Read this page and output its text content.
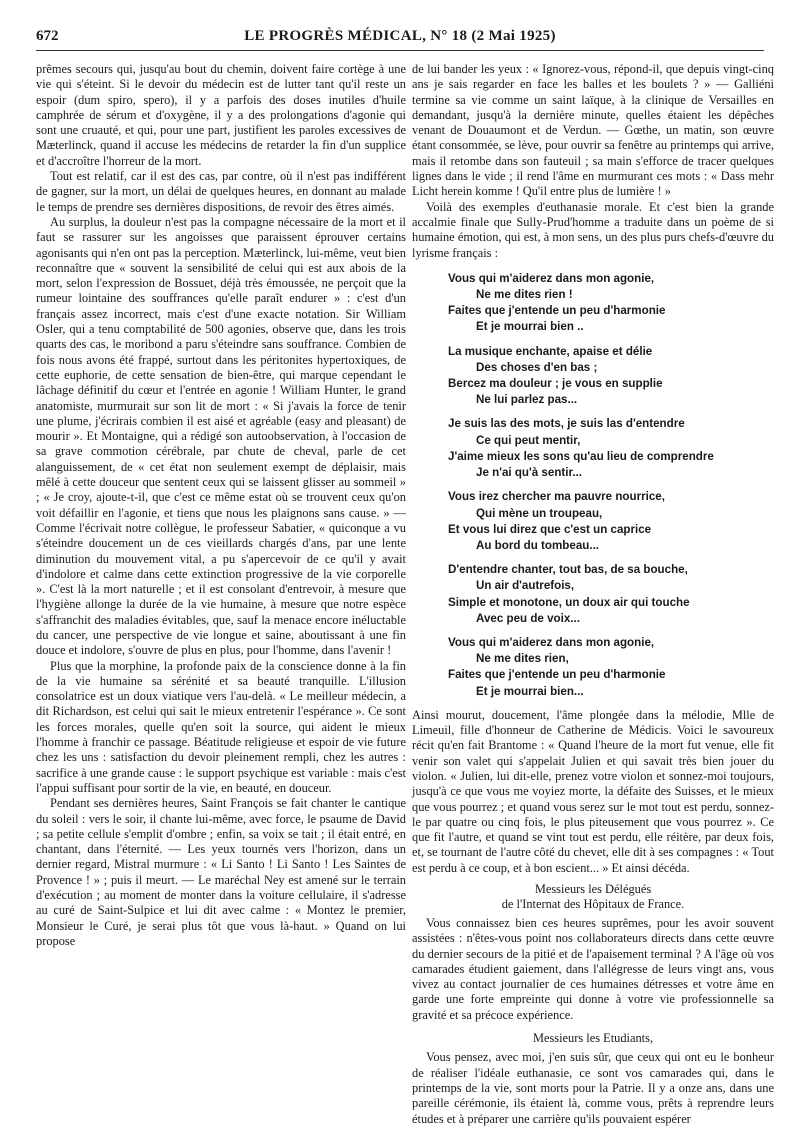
672	LE PROGRÈS MÉDICAL, N° 18 (2 Mai 1925)

prêmes secours qui, jusqu'au bout du chemin, doivent faire cortège à une vie qui s'éteint. Si le devoir du médecin est de lutter tant qu'il reste un espoir (dum spiro, spero), il y a parfois des doses inutiles d'huile camphrée de sérum et d'oxygène, il y a des prolongations d'agonie qui sont une cruauté, et qui, pour une part, justifient les paroles excessives de Mæterlinck, quand il accuse les médecins de retarder la fin d'un supplice et d'accroître l'horreur de la mort.

Tout est relatif, car il est des cas, par contre, où il n'est pas indifférent de gagner, sur la mort, un délai de quelques heures, en donnant au malade le temps de prendre ses dernières dispositions, de revoir des êtres aimés.

Au surplus, la douleur n'est pas la compagne nécessaire de la mort et il faut se rassurer sur les angoisses que paraissent éprouver certains agonisants qui n'en ont pas la perception. Mæterlinck, lui-même, veut bien reconnaître que « souvent la sensibilité de celui qui est aux abois de la mort, selon l'expression de Bossuet, déjà très émoussée, ne perçoit que la rumeur lointaine des souffrances qu'elle paraît endurer » : c'est d'un français assez incorrect, mais c'est d'une exacte notation. Sir William Osler, qui a tenu comptabilité de 500 agonies, observe que, dans les trois quarts des cas, le moribond a paru s'éteindre sans souffrance. Combien de fois nous avons été frappé, surtout dans les péritonites hypertoxiques, de cette euphorie, de cette sensation de bien-être, qui marque cependant le lâchage définitif du cœur et l'entrée en agonie ! William Hunter, le grand anatomiste, murmurait sur son lit de mort : « Si j'avais la force de tenir une plume, j'écrirais combien il est aisé et agréable (easy and pleasant) de mourir ». Et Montaigne, qui a rédigé son autoobservation, à l'occasion de sa grave commotion cérébrale, par chute de cheval, parle de cet alanguissement, de « cet état non seulement exempt de déplaisir, mais mêlé à cette douceur que sentent ceux qui se laissent glisser au sommeil » ; « Je croy, ajoute-t-il, que c'est ce même estat où se trouvent ceux qu'on voit défaillir en l'agonie, et tiens que nous les plaignons sans cause. » — Comme l'écrivait notre collègue, le professeur Sabatier, « quiconque a vu s'éteindre doucement un de ces vieillards chargés d'ans, par une lente diminution du mouvement vital, a pu s'apercevoir de ce qu'il y avait d'indolore et calme dans cette extinction progressive de la vie corporelle ». C'est là la mort naturelle ; et il est consolant d'entrevoir, à mesure que l'hygiène allonge la durée de la vie humaine, à mesure que notre espèce s'affranchit des maladies évitables, que, sauf la menace encore inéluctable du cancer, une perspective de vie longue et saine, aboutissant à une fin douce et indolore, s'ouvre de plus en plus, pour l'homme, dans l'avenir !

Plus que la morphine, la profonde paix de la conscience donne à la fin de la vie humaine sa sérénité et sa beauté tranquille. L'illusion consolatrice est un doux viatique vers l'au-delà. « Le meilleur médecin, a dit Richardson, est celui qui sait le mieux entretenir l'espérance ». Ce sont les forces morales, quelle qu'en soit la source, qui aident le mieux l'homme à franchir ce passage. Béatitude religieuse et espoir de vie future chez les uns : satisfaction du devoir pleinement rempli, chez les autres : sacrifice à une grande cause : le support psychique est variable : mais c'est l'appui suffisant pour sortir de la vie, en beauté, en douceur.

Pendant ses dernières heures, Saint François se fait chanter le cantique du soleil : vers le soir, il chante lui-même, avec force, le psaume de David ; sa petite cellule s'emplit d'ombre ; enfin, sa voix se tait ; il était entré, en chantant, dans l'éternité. — Les yeux tournés vers l'horizon, dans un dernier regard, Mistral murmure : « Li Santo ! Li Santo ! Les Saintes de Provence ! » ; puis il meurt. — Le maréchal Ney est amené sur le terrain d'exécution ; au moment de monter dans la voiture cellulaire, il s'adresse au curé de Saint-Sulpice et lui dit avec calme : « Montez le premier, Monsieur le Curé, je serai plus tôt que vous là-haut. » Quand on lui propose

de lui bander les yeux : « Ignorez-vous, répond-il, que depuis vingt-cinq ans je sais regarder en face les balles et les boulets ? » — Galliéni termine sa vie comme un saint laïque, à la clinique de Versailles en demandant, jusqu'à la dernière minute, quelles étaient les dépêches venant de Douaumont et de Verdun. — Gœthe, un matin, son œuvre étant consommée, se lève, pour ouvrir sa fenêtre au printemps qui arrive, mais il retombe dans son fauteuil ; sa main s'efforce de tracer quelques lignes dans le vide ; il rend l'âme en murmurant ces mots : « Dass mehr Licht herein komme ! Qu'il entre plus de lumière ! »

Voilà des exemples d'euthanasie morale. Et c'est bien la grande accalmie finale que Sully-Prud'homme a traduite dans un poème de si humaine émotion, qui est, à mon sens, un des plus purs chefs-d'œuvre du lyrisme français :

Vous qui m'aiderez dans mon agonie,
Ne me dites rien !
Faites que j'entende un peu d'harmonie
Et je mourrai bien ..
La musique enchante, apaise et délie
Des choses d'en bas ;
Bercez ma douleur ; je vous en supplie
Ne lui parlez pas...
Je suis las des mots, je suis las d'entendre
Ce qui peut mentir,
J'aime mieux les sons qu'au lieu de comprendre
Je n'ai qu'à sentir...
Vous irez chercher ma pauvre nourrice,
Qui mène un troupeau,
Et vous lui direz que c'est un caprice
Au bord du tombeau...
D'entendre chanter, tout bas, de sa bouche,
Un air d'autrefois,
Simple et monotone, un doux air qui touche
Avec peu de voix...
Vous qui m'aiderez dans mon agonie,
Ne me dites rien,
Faites que j'entende un peu d'harmonie
Et je mourrai bien...

Ainsi mourut, doucement, l'âme plongée dans la mélodie, Mlle de Limeuil, fille d'honneur de Catherine de Médicis. Voici le savoureux récit qu'en fait Brantome : « Quand l'heure de la mort fut venue, elle fit venir son valet qui s'appelait Julien et qui savait très bien jouer du violon. « Julien, lui dit-elle, prenez votre violon et sonnez-moi toujours, jusqu'à ce que vous me voyiez morte, la défaite des Suisses, et le mieux que vous pourrez ; et quand vous serez sur le mot tout est perdu, sonnez-le par quatre ou cinq fois, le plus piteusement que vous pourrez ». Ce que fit l'autre, et quand se vint tout est perdu, elle réitère, par deux fois, et, se tournant de l'autre côté du chevet, elle dit à ses compagnes : « Tout est perdu à ce coup, et à bon escient... » Et ainsi décéda.

Messieurs les Délégués
de l'Internat des Hôpitaux de France.

Vous connaissez bien ces heures suprêmes, pour les avoir souvent assistées : n'êtes-vous point nos collaborateurs directs dans cette œuvre du dernier secours de la pitié et de l'apaisement terminal ? A l'âge où vos camarades étudient gaiement, dans l'allégresse de leurs vingt ans, vous vivez au contact journalier de ces humaines détresses et votre âme en garde une forte empreinte qui donne à votre vie professionnelle sa gravité et sa précoce expérience.

Messieurs les Etudiants,

Vous pensez, avec moi, j'en suis sûr, que ceux qui ont eu le bonheur de réaliser l'idéale euthanasie, ce sont vos camarades qui, dans le printemps de la vie, sont morts pour la Patrie. Il y a onze ans, dans une pareille cérémonie, ils étaient là, comme vous, prêts à reprendre leurs études et à préparer une carrière qu'ils pouvaient espérer
